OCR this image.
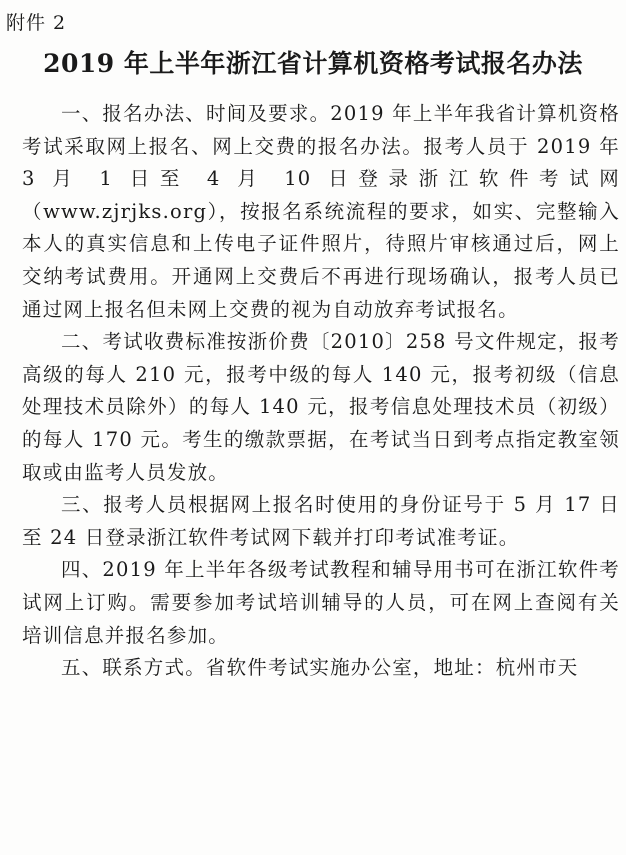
附件 2
2019 年上半年浙江省计算机资格考试报名办法

一、报名办法、时间及要求。2019 年上半年我省计算机资格考试采取网上报名、网上交费的报名办法。报考人员于 2019 年 3 月 1 日至 4 月 10 日登录浙江软件考试网（www.zjrjks.org），按报名系统流程的要求，如实、完整输入本人的真实信息和上传电子证件照片，待照片审核通过后，网上交纳考试费用。开通网上交费后不再进行现场确认，报考人员已通过网上报名但未网上交费的视为自动放弃考试报名。

二、考试收费标准按浙价费〔2010〕258 号文件规定，报考高级的每人 210 元，报考中级的每人 140 元，报考初级（信息处理技术员除外）的每人 140 元，报考信息处理技术员（初级）的每人 170 元。考生的缴款票据，在考试当日到考点指定教室领取或由监考人员发放。

三、报考人员根据网上报名时使用的身份证号于 5 月 17 日至 24 日登录浙江软件考试网下载并打印考试准考证。

四、2019 年上半年各级考试教程和辅导用书可在浙江软件考试网上订购。需要参加考试培训辅导的人员，可在网上查阅有关培训信息并报名参加。

五、联系方式。省软件考试实施办公室，地址：杭州市天
